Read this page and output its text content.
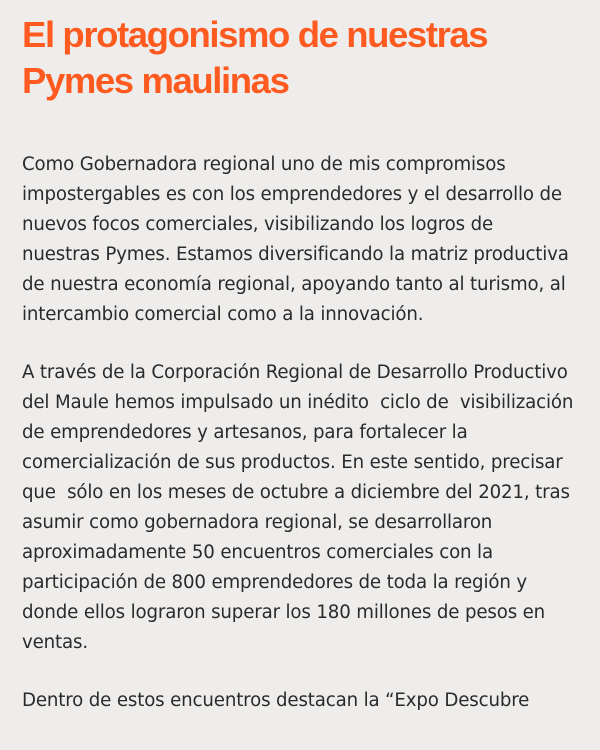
El protagonismo de nuestras Pymes maulinas

Como Gobernadora regional uno de mis compromisos impostergables es con los emprendedores y el desarrollo de nuevos focos comerciales, visibilizando los logros de nuestras Pymes. Estamos diversificando la matriz productiva de nuestra economía regional, apoyando tanto al turismo, al intercambio comercial como a la innovación.

A través de la Corporación Regional de Desarrollo Productivo del Maule hemos impulsado un inédito  ciclo de  visibilización de emprendedores y artesanos, para fortalecer la comercialización de sus productos. En este sentido, precisar que  sólo en los meses de octubre a diciembre del 2021, tras asumir como gobernadora regional, se desarrollaron aproximadamente 50 encuentros comerciales con la participación de 800 emprendedores de toda la región y donde ellos lograron superar los 180 millones de pesos en ventas.

Dentro de estos encuentros destacan la “Expo Descubre
